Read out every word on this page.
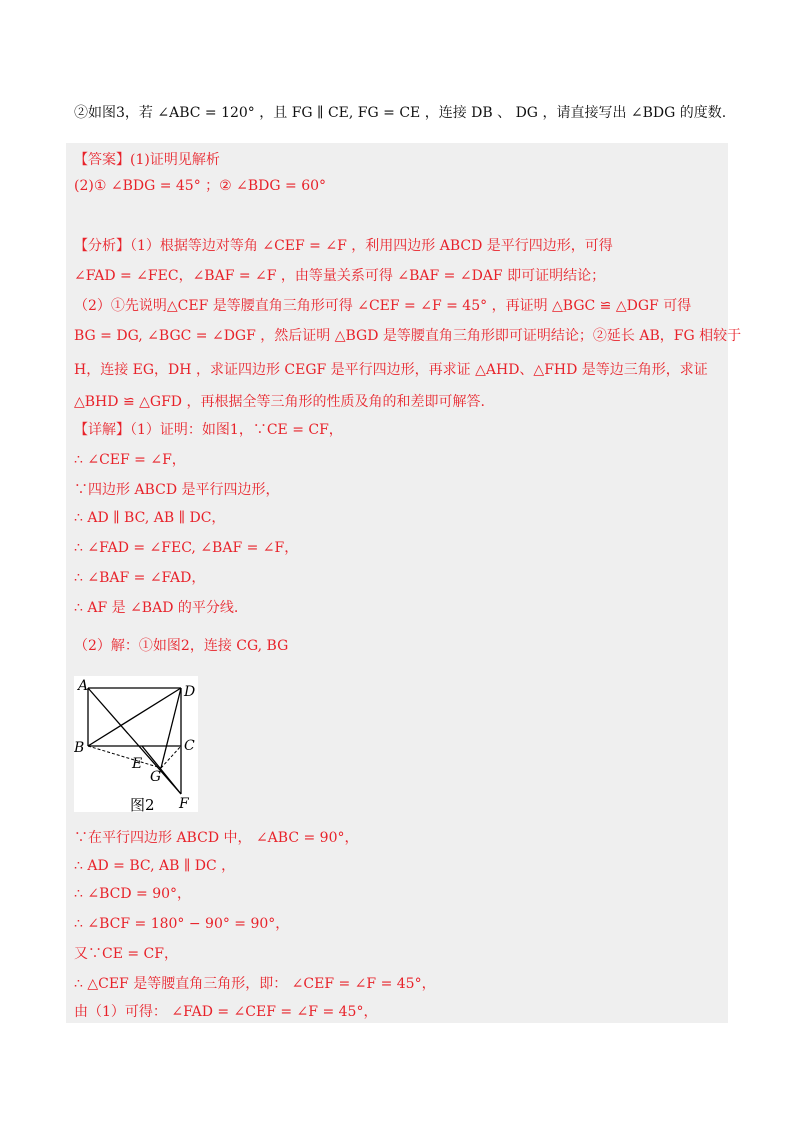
②如图3，若 ∠ABC = 120° ，且 FG ∥ CE, FG = CE ，连接 DB 、 DG ，请直接写出 ∠BDG 的度数.
【答案】(1)证明见解析
(2)① ∠BDG = 45° ；② ∠BDG = 60°
【分析】（1）根据等边对等角 ∠CEF = ∠F ，利用四边形 ABCD 是平行四边形，可得
∠FAD = ∠FEC，∠BAF = ∠F ，由等量关系可得 ∠BAF = ∠DAF 即可证明结论；
（2）①先说明△CEF 是等腰直角三角形可得 ∠CEF = ∠F = 45° ，再证明 △BGC ≌ △DGF 可得
BG = DG, ∠BGC = ∠DGF ，然后证明 △BGD 是等腰直角三角形即可证明结论；②延长 AB，FG 相较于
H，连接 EG，DH ，求证四边形 CEGF 是平行四边形，再求证 △AHD、△FHD 是等边三角形，求证
△BHD ≌ △GFD ，再根据全等三角形的性质及角的和差即可解答.
【详解】（1）证明：如图1，∵CE = CF，
∴ ∠CEF = ∠F，
∵四边形 ABCD 是平行四边形，
∴ AD ∥ BC, AB ∥ DC，
∴ ∠FAD = ∠FEC, ∠BAF = ∠F，
∴ ∠BAF = ∠FAD，
∴ AF 是 ∠BAD 的平分线.
（2）解：①如图2，连接 CG, BG
A	D
B
E
C
G
F
图2
∵在平行四边形 ABCD 中， ∠ABC = 90°，
∴ AD = BC, AB ∥ DC ，
∴ ∠BCD = 90°，
∴ ∠BCF = 180° − 90° = 90°，
又∵CE = CF，
∴ △CEF 是等腰直角三角形，即： ∠CEF = ∠F = 45°，
由（1）可得： ∠FAD = ∠CEF = ∠F = 45°，
